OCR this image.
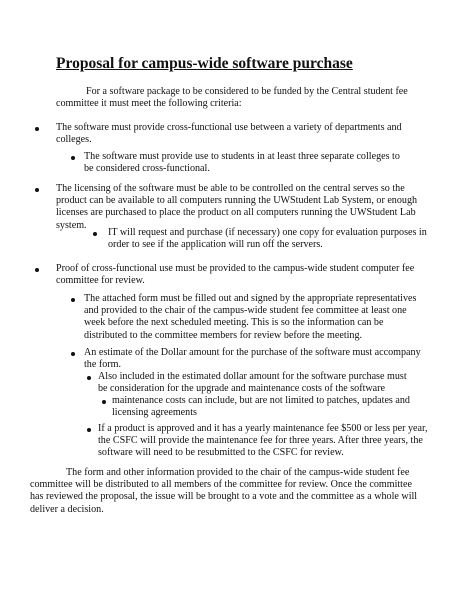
Proposal for campus-wide software purchase
For a software package to be considered to be funded by the Central student fee committee it must meet the following criteria:
The software must provide cross-functional use between a variety of departments and colleges.
The software must provide use to students in at least three separate colleges to be considered cross-functional.
The licensing of the software must be able to be controlled on the central serves so the product can be available to all computers running the UWStudent Lab System, or enough licenses are purchased to place the product on all computers running the UWStudent Lab system.
IT will request and purchase (if necessary) one copy for evaluation purposes in order to see if the application will run off the servers.
Proof of cross-functional use must be provided to the campus-wide student computer fee committee for review.
The attached form must be filled out and signed by the appropriate representatives and provided to the chair of the campus-wide student fee committee at least one week before the next scheduled meeting. This is so the information can be distributed to the committee members for review before the meeting.
An estimate of the Dollar amount for the purchase of the software must accompany the form.
Also included in the estimated dollar amount for the software purchase must be consideration for the upgrade and maintenance costs of the software
maintenance costs can include, but are not limited to patches, updates and licensing agreements
If a product is approved and it has a yearly maintenance fee $500 or less per year, the CSFC will provide the maintenance fee for three years. After three years, the software will need to be resubmitted to the CSFC for review.
The form and other information provided to the chair of the campus-wide student fee committee will be distributed to all members of the committee for review. Once the committee has reviewed the proposal, the issue will be brought to a vote and the committee as a whole will deliver a decision.
